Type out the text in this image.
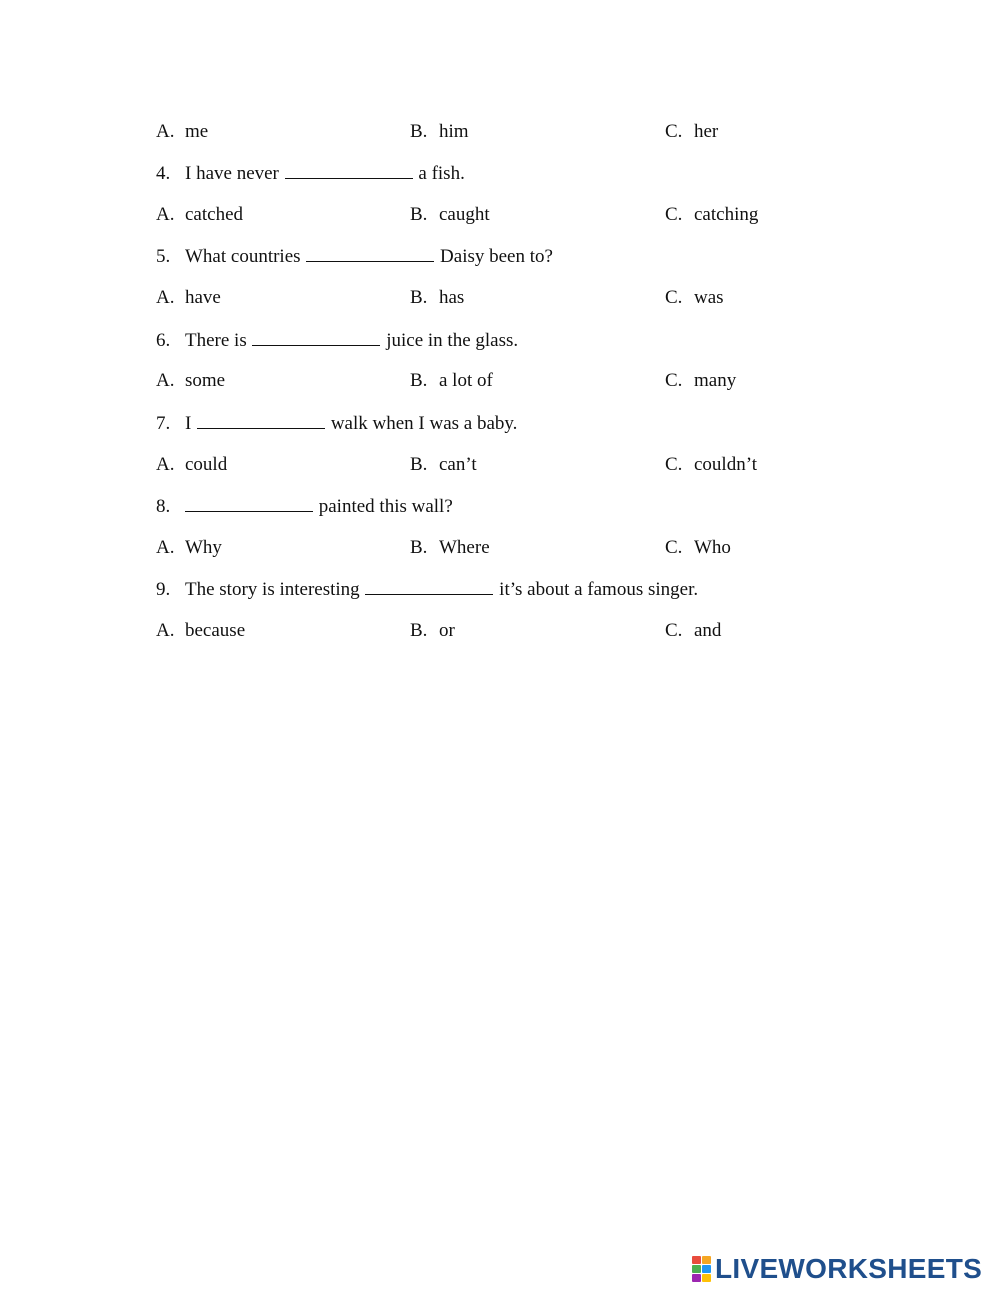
A. me	B. him	C. her
4. I have never	a fish.
A. catched	B. caught	C. catching
5. What countries	Daisy been to?
A. have	B. has	C. was
6. There is	juice in the glass.
A. some	B. a lot of	C. many
7. I	walk when I was a baby.
A. could	B. can’t	C. couldn’t
8.	painted this wall?
A. Why	B. Where	C. Who
9. The story is interesting	it’s about a famous singer.
A. because	B. or	C. and
LIVEWORKSHEETS
